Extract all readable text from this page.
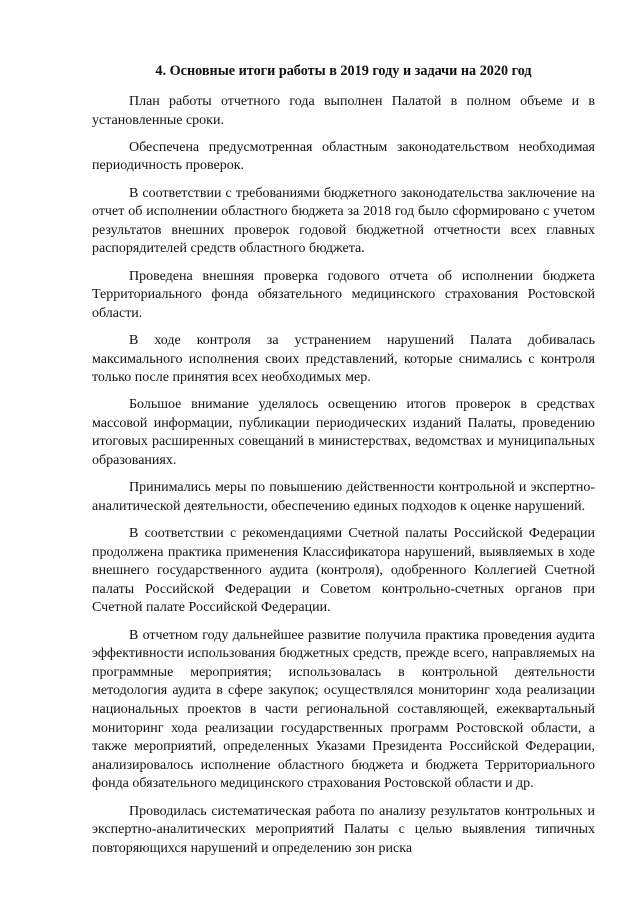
4. Основные итоги работы в 2019 году и задачи на 2020 год

План работы отчетного года выполнен Палатой в полном объеме и в установленные сроки.

Обеспечена предусмотренная областным законодательством необходимая периодичность проверок.

В соответствии с требованиями бюджетного законодательства заключение на отчет об исполнении областного бюджета за 2018 год было сформировано с учетом результатов внешних проверок годовой бюджетной отчетности всех главных распорядителей средств областного бюджета.

Проведена внешняя проверка годового отчета об исполнении бюджета Территориального фонда обязательного медицинского страхования Ростовской области.

В ходе контроля за устранением нарушений Палата добивалась максимального исполнения своих представлений, которые снимались с контроля только после принятия всех необходимых мер.

Большое внимание уделялось освещению итогов проверок в средствах массовой информации, публикации периодических изданий Палаты, проведению итоговых расширенных совещаний в министерствах, ведомствах и муниципальных образованиях.

Принимались меры по повышению действенности контрольной и экспертно-аналитической деятельности, обеспечению единых подходов к оценке нарушений.

В соответствии с рекомендациями Счетной палаты Российской Федерации продолжена практика применения Классификатора нарушений, выявляемых в ходе внешнего государственного аудита (контроля), одобренного Коллегией Счетной палаты Российской Федерации и Советом контрольно-счетных органов при Счетной палате Российской Федерации.

В отчетном году дальнейшее развитие получила практика проведения аудита эффективности использования бюджетных средств, прежде всего, направляемых на программные мероприятия; использовалась в контрольной деятельности методология аудита в сфере закупок; осуществлялся мониторинг хода реализации национальных проектов в части региональной составляющей, ежеквартальный мониторинг хода реализации государственных программ Ростовской области, а также мероприятий, определенных Указами Президента Российской Федерации, анализировалось исполнение областного бюджета и бюджета Территориального фонда обязательного медицинского страхования Ростовской области и др.

Проводилась систематическая работа по анализу результатов контрольных и экспертно-аналитических мероприятий Палаты с целью выявления типичных повторяющихся нарушений и определению зон риска
